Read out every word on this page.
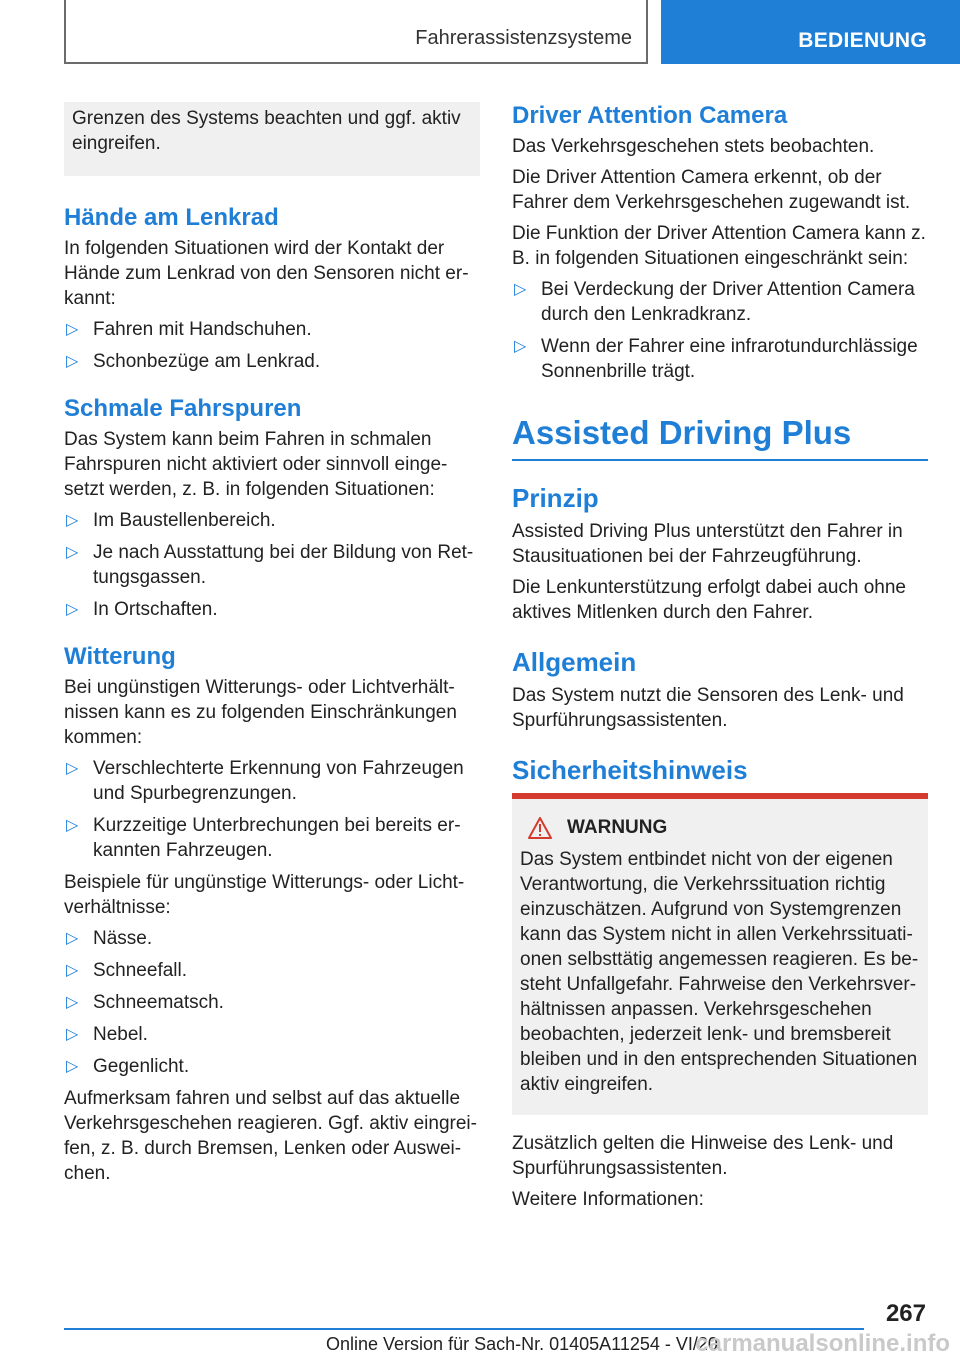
Fahrerassistenzsysteme	BEDIENUNG
Grenzen des Systems beachten und ggf. aktiv eingreifen.
Hände am Lenkrad

In folgenden Situationen wird der Kontakt der Hände zum Lenkrad von den Sensoren nicht er-kannt:

▷ Fahren mit Handschuhen.
▷ Schonbezüge am Lenkrad.
Schmale Fahrspuren

Das System kann beim Fahren in schmalen Fahrspuren nicht aktiviert oder sinnvoll einge-setzt werden, z. B. in folgenden Situationen:

▷ Im Baustellenbereich.
▷ Je nach Ausstattung bei der Bildung von Ret-tungsgassen.
▷ In Ortschaften.
Witterung

Bei ungünstigen Witterungs- oder Lichtverhält-nissen kann es zu folgenden Einschränkungen kommen:

▷ Verschlechterte Erkennung von Fahrzeugen und Spurbegrenzungen.
▷ Kurzzeitige Unterbrechungen bei bereits er-kannten Fahrzeugen.

Beispiele für ungünstige Witterungs- oder Licht-verhältnisse:

▷ Nässe.
▷ Schneefall.
▷ Schneematsch.
▷ Nebel.
▷ Gegenlicht.

Aufmerksam fahren und selbst auf das aktuelle Verkehrsgeschehen reagieren. Ggf. aktiv eingrei-fen, z. B. durch Bremsen, Lenken oder Auswei-chen.

Driver Attention Camera

Das Verkehrsgeschehen stets beobachten.

Die Driver Attention Camera erkennt, ob der Fahrer dem Verkehrsgeschehen zugewandt ist.

Die Funktion der Driver Attention Camera kann z. B. in folgenden Situationen eingeschränkt sein:

▷ Bei Verdeckung der Driver Attention Camera durch den Lenkradkranz.
▷ Wenn der Fahrer eine infrarotundurchlässige Sonnenbrille trägt.
Assisted Driving Plus
Prinzip

Assisted Driving Plus unterstützt den Fahrer in Stausituationen bei der Fahrzeugführung.

Die Lenkunterstützung erfolgt dabei auch ohne aktives Mitlenken durch den Fahrer.

Allgemein

Das System nutzt die Sensoren des Lenk- und Spurführungsassistenten.

Sicherheitshinweis
WARNUNG

Das System entbindet nicht von der eigenen Verantwortung, die Verkehrssituation richtig einzuschätzen. Aufgrund von Systemgrenzen kann das System nicht in allen Verkehrssituati-onen selbsttätig angemessen reagieren. Es be-steht Unfallgefahr. Fahrweise den Verkehrsver-hältnissen anpassen. Verkehrsgeschehen beobachten, jederzeit lenk- und bremsbereit bleiben und in den entsprechenden Situationen aktiv eingreifen.

Zusätzlich gelten die Hinweise des Lenk- und Spurführungsassistenten.

Weitere Informationen:

267
Online Version für Sach-Nr. 01405A11254 - VI/20
carmanualsonline.info
